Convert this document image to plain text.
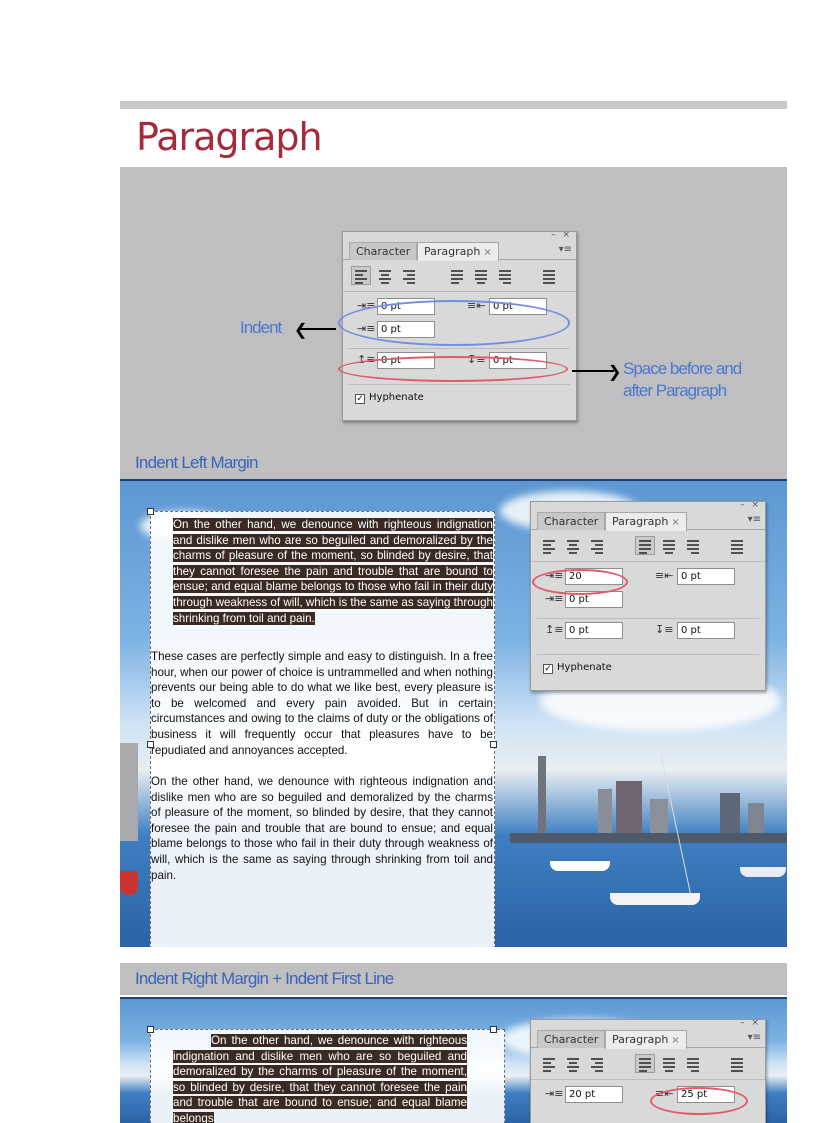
Paragraph
– ×
Character	Paragraph ×	▾≡
⇥≡ 0 pt	≡⇤ 0 pt
⇥≡ 0 pt
↥≡ 0 pt	↧≡ 0 pt
✓ Hyphenate
Indent ❮
❯ Space before and
after Paragraph
Indent Left Margin
On the other hand, we denounce with righteous indignation and dislike men who are so beguiled and demoralized by the charms of pleasure of the moment, so blinded by desire, that they cannot foresee the pain and trouble that are bound to ensue; and equal blame belongs to those who fail in their duty through weakness of will, which is the same as saying through shrinking from toil and pain.
These cases are perfectly simple and easy to distinguish. In a free hour, when our power of choice is untrammelled and when nothing prevents our being able to do what we like best, every pleasure is to be welcomed and every pain avoided. But in certain circumstances and owing to the claims of duty or the obligations of business it will frequently occur that pleasures have to be repudiated and annoyances accepted.
On the other hand, we denounce with righteous indignation and dislike men who are so beguiled and demoralized by the charms of pleasure of the moment, so blinded by desire, that they cannot foresee the pain and trouble that are bound to ensue; and equal blame belongs to those who fail in their duty through weakness of will, which is the same as saying through shrinking from toil and pain.
– ×
Character	Paragraph ×	▾≡
⇥≡ 20	≡⇤ 0 pt
⇥≡ 0 pt
↥≡ 0 pt	↧≡ 0 pt
✓ Hyphenate
Indent Right Margin + Indent First Line
On the other hand, we denounce with righteous indignation and dislike men who are so beguiled and demoralized by the charms of pleasure of the moment, so blinded by desire, that they cannot foresee the pain and trouble that are bound to ensue; and equal blame belongs
– ×
Character	Paragraph ×	▾≡
⇥≡ 20 pt	≡⇤ 25 pt
